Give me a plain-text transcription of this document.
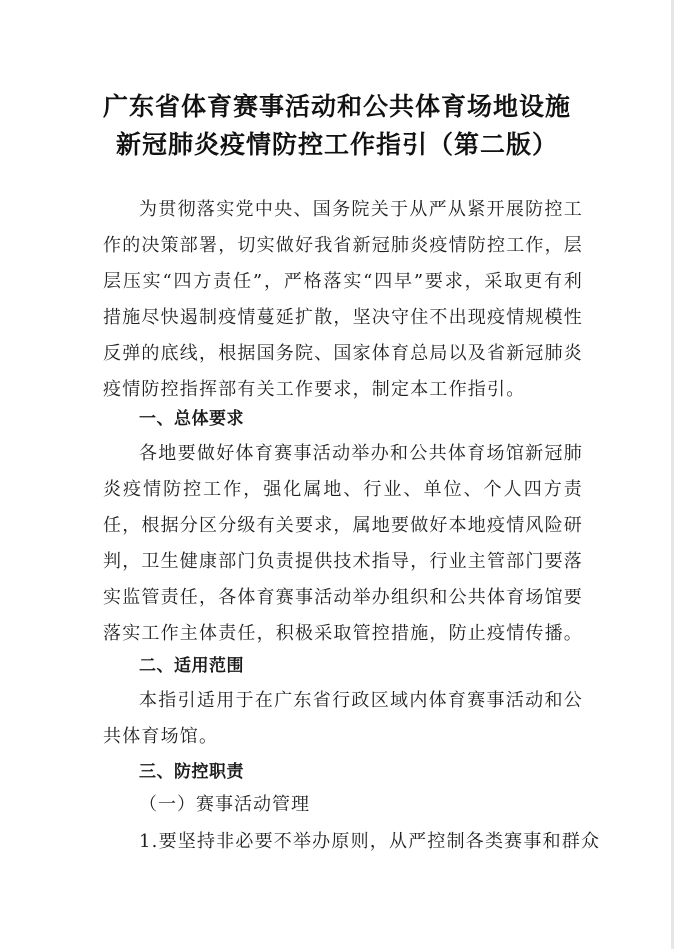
广东省体育赛事活动和公共体育场地设施
新冠肺炎疫情防控工作指引（第二版）
为贯彻落实党中央、国务院关于从严从紧开展防控工作的决策部署，切实做好我省新冠肺炎疫情防控工作，层层压实“四方责任”，严格落实“四早”要求，采取更有利措施尽快遏制疫情蔓延扩散，坚决守住不出现疫情规模性反弹的底线，根据国务院、国家体育总局以及省新冠肺炎疫情防控指挥部有关工作要求，制定本工作指引。
一、总体要求
各地要做好体育赛事活动举办和公共体育场馆新冠肺炎疫情防控工作，强化属地、行业、单位、个人四方责任，根据分区分级有关要求，属地要做好本地疫情风险研判，卫生健康部门负责提供技术指导，行业主管部门要落实监管责任，各体育赛事活动举办组织和公共体育场馆要落实工作主体责任，积极采取管控措施，防止疫情传播。
二、适用范围
本指引适用于在广东省行政区域内体育赛事活动和公共体育场馆。
三、防控职责
（一）赛事活动管理
1.要坚持非必要不举办原则，从严控制各类赛事和群众
